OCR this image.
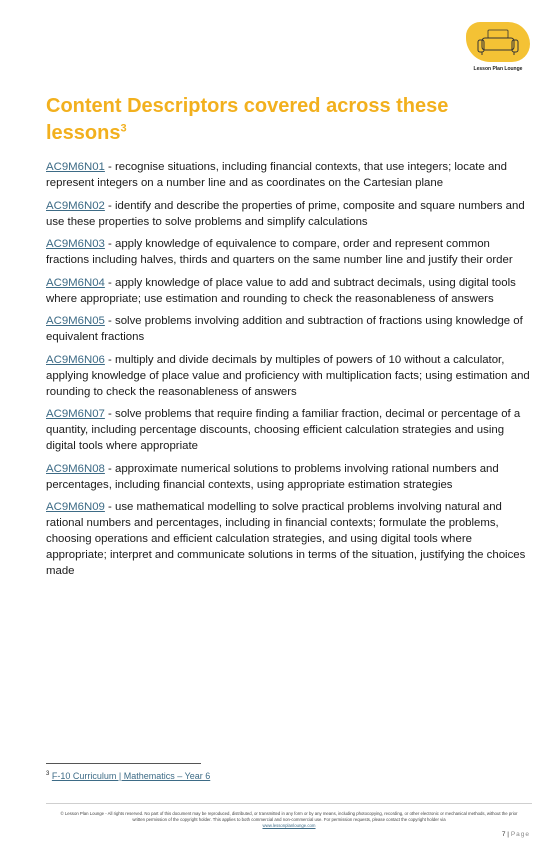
Lesson Plan Lounge
Content Descriptors covered across these lessons$^3$
AC9M6N01 - recognise situations, including financial contexts, that use integers; locate and represent integers on a number line and as coordinates on the Cartesian plane
AC9M6N02 - identify and describe the properties of prime, composite and square numbers and use these properties to solve problems and simplify calculations
AC9M6N03 - apply knowledge of equivalence to compare, order and represent common fractions including halves, thirds and quarters on the same number line and justify their order
AC9M6N04 - apply knowledge of place value to add and subtract decimals, using digital tools where appropriate; use estimation and rounding to check the reasonableness of answers
AC9M6N05 - solve problems involving addition and subtraction of fractions using knowledge of equivalent fractions
AC9M6N06 - multiply and divide decimals by multiples of powers of 10 without a calculator, applying knowledge of place value and proficiency with multiplication facts; using estimation and rounding to check the reasonableness of answers
AC9M6N07 - solve problems that require finding a familiar fraction, decimal or percentage of a quantity, including percentage discounts, choosing efficient calculation strategies and using digital tools where appropriate
AC9M6N08 - approximate numerical solutions to problems involving rational numbers and percentages, including financial contexts, using appropriate estimation strategies
AC9M6N09 - use mathematical modelling to solve practical problems involving natural and rational numbers and percentages, including in financial contexts; formulate the problems, choosing operations and efficient calculation strategies, and using digital tools where appropriate; interpret and communicate solutions in terms of the situation, justifying the choices made
$^3$ F-10 Curriculum | Mathematics – Year 6
© Lesson Plan Lounge - All rights reserved. No part of this document may be reproduced, distributed, or transmitted in any form or by any means, including photocopying, recording, or other electronic or mechanical methods, without the prior written permission of the copyright holder. This applies to both commercial and non-commercial use. For permission requests, please contact the copyright holder via
www.lessonplanlounge.com
7 | Page
